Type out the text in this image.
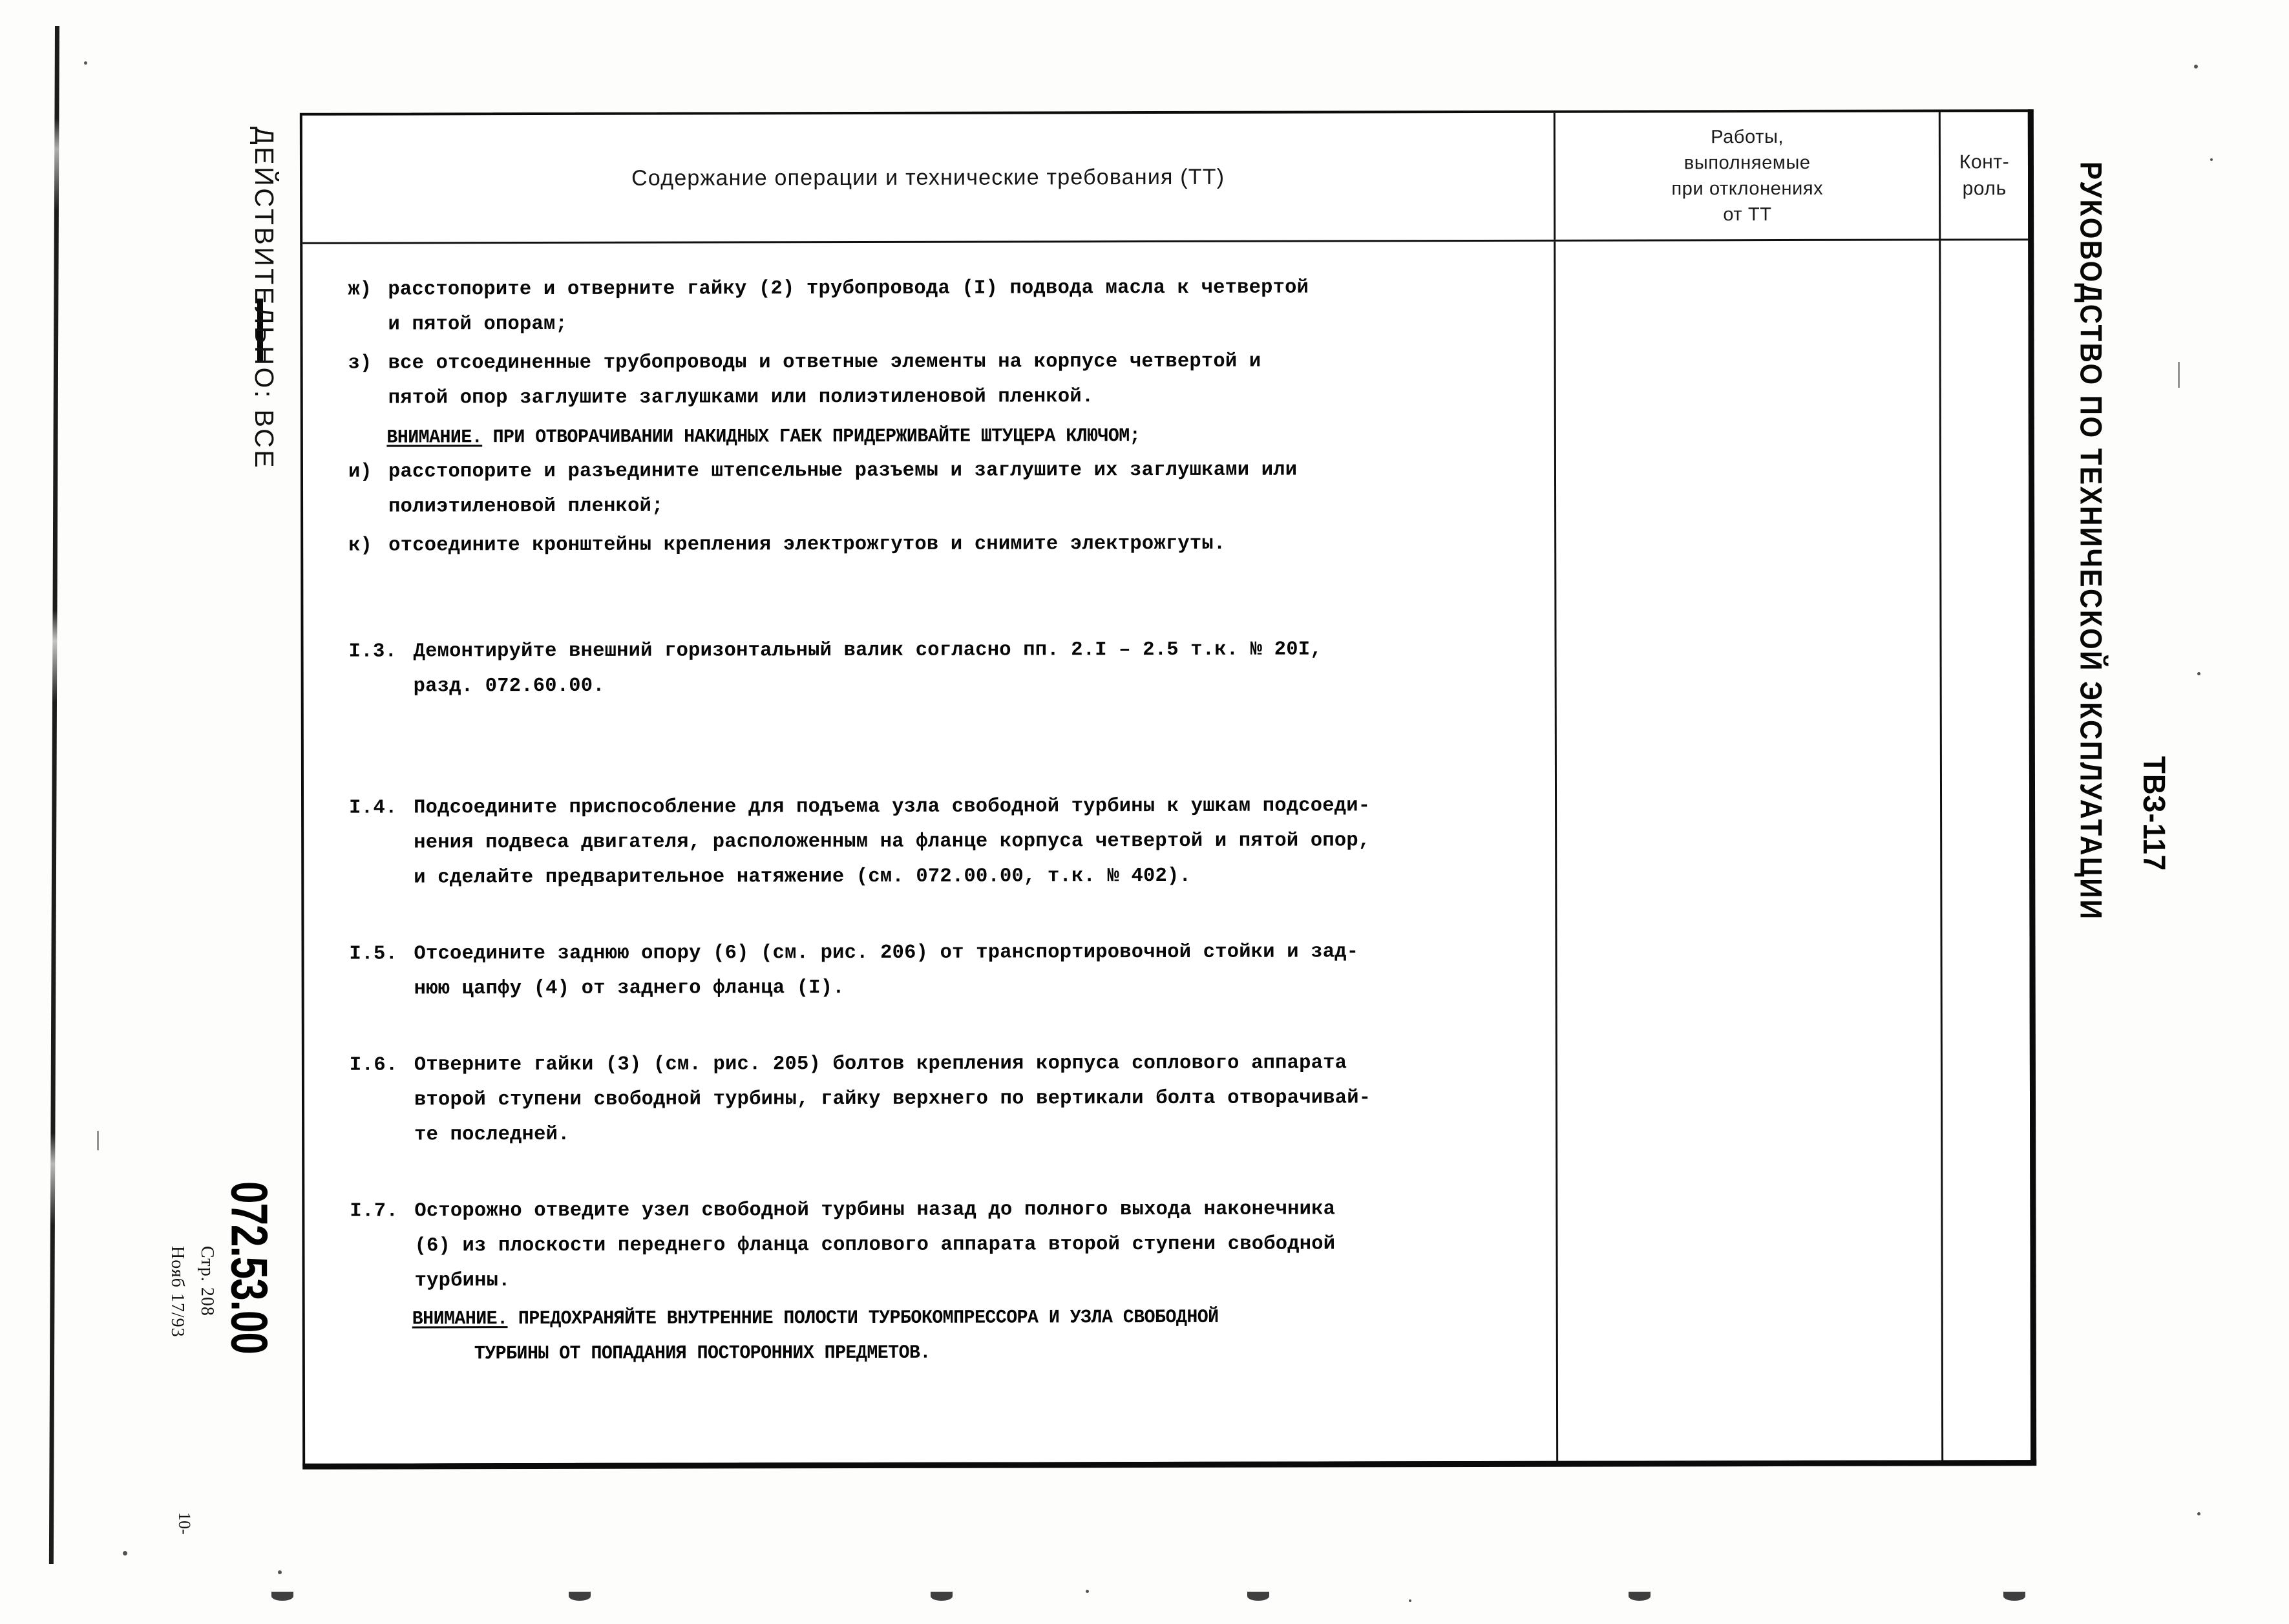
ДЕЙСТВИТЕЛЬНО: ВСЕ	РУКОВОДСТВО ПО ТЕХНИЧЕСКОЙ ЭКСПЛУАТАЦИИ ТВЗ-117
072.53.00
Стр. 208
Нояб 17/93
Содержание операции и технические требования (ТТ)
Работы,
выполняемые
при отклонениях
от ТТ
Конт-
роль
ж) расстопорите и отверните гайку (2) трубопровода (I) подвода масла к четвертой
и пятой опорам;
з) все отсоединенные трубопроводы и ответные элементы на корпусе четвертой и
пятой опор заглушите заглушками или полиэтиленовой пленкой.
ВНИМАНИЕ. ПРИ ОТВОРАЧИВАНИИ НАКИДНЫХ ГАЕК ПРИДЕРЖИВАЙТЕ ШТУЦЕРА КЛЮЧОМ;
и) расстопорите и разъедините штепсельные разъемы и заглушите их заглушками или
полиэтиленовой пленкой;
к) отсоедините кронштейны крепления электрожгутов и снимите электрожгуты.
I.3. Демонтируйте внешний горизонтальный валик согласно пп. 2.I – 2.5 т.к. № 20I,
разд. 072.60.00.
I.4. Подсоедините приспособление для подъема узла свободной турбины к ушкам подсоеди-
нения подвеса двигателя, расположенным на фланце корпуса четвертой и пятой опор,
и сделайте предварительное натяжение (см. 072.00.00, т.к. № 402).
I.5. Отсоедините заднюю опору (6) (см. рис. 206) от транспортировочной стойки и зад-
нюю цапфу (4) от заднего фланца (I).
I.6. Отверните гайки (3) (см. рис. 205) болтов крепления корпуса соплового аппарата
второй ступени свободной турбины, гайку верхнего по вертикали болта отворачивай-
те последней.
I.7. Осторожно отведите узел свободной турбины назад до полного выхода наконечника
(6) из плоскости переднего фланца соплового аппарата второй ступени свободной
турбины.
ВНИМАНИЕ. ПРЕДОХРАНЯЙТЕ ВНУТРЕННИЕ ПОЛОСТИ ТУРБОКОМПРЕССОРА И УЗЛА СВОБОДНОЙ
ТУРБИНЫ ОТ ПОПАДАНИЯ ПОСТОРОННИХ ПРЕДМЕТОВ.
10-
